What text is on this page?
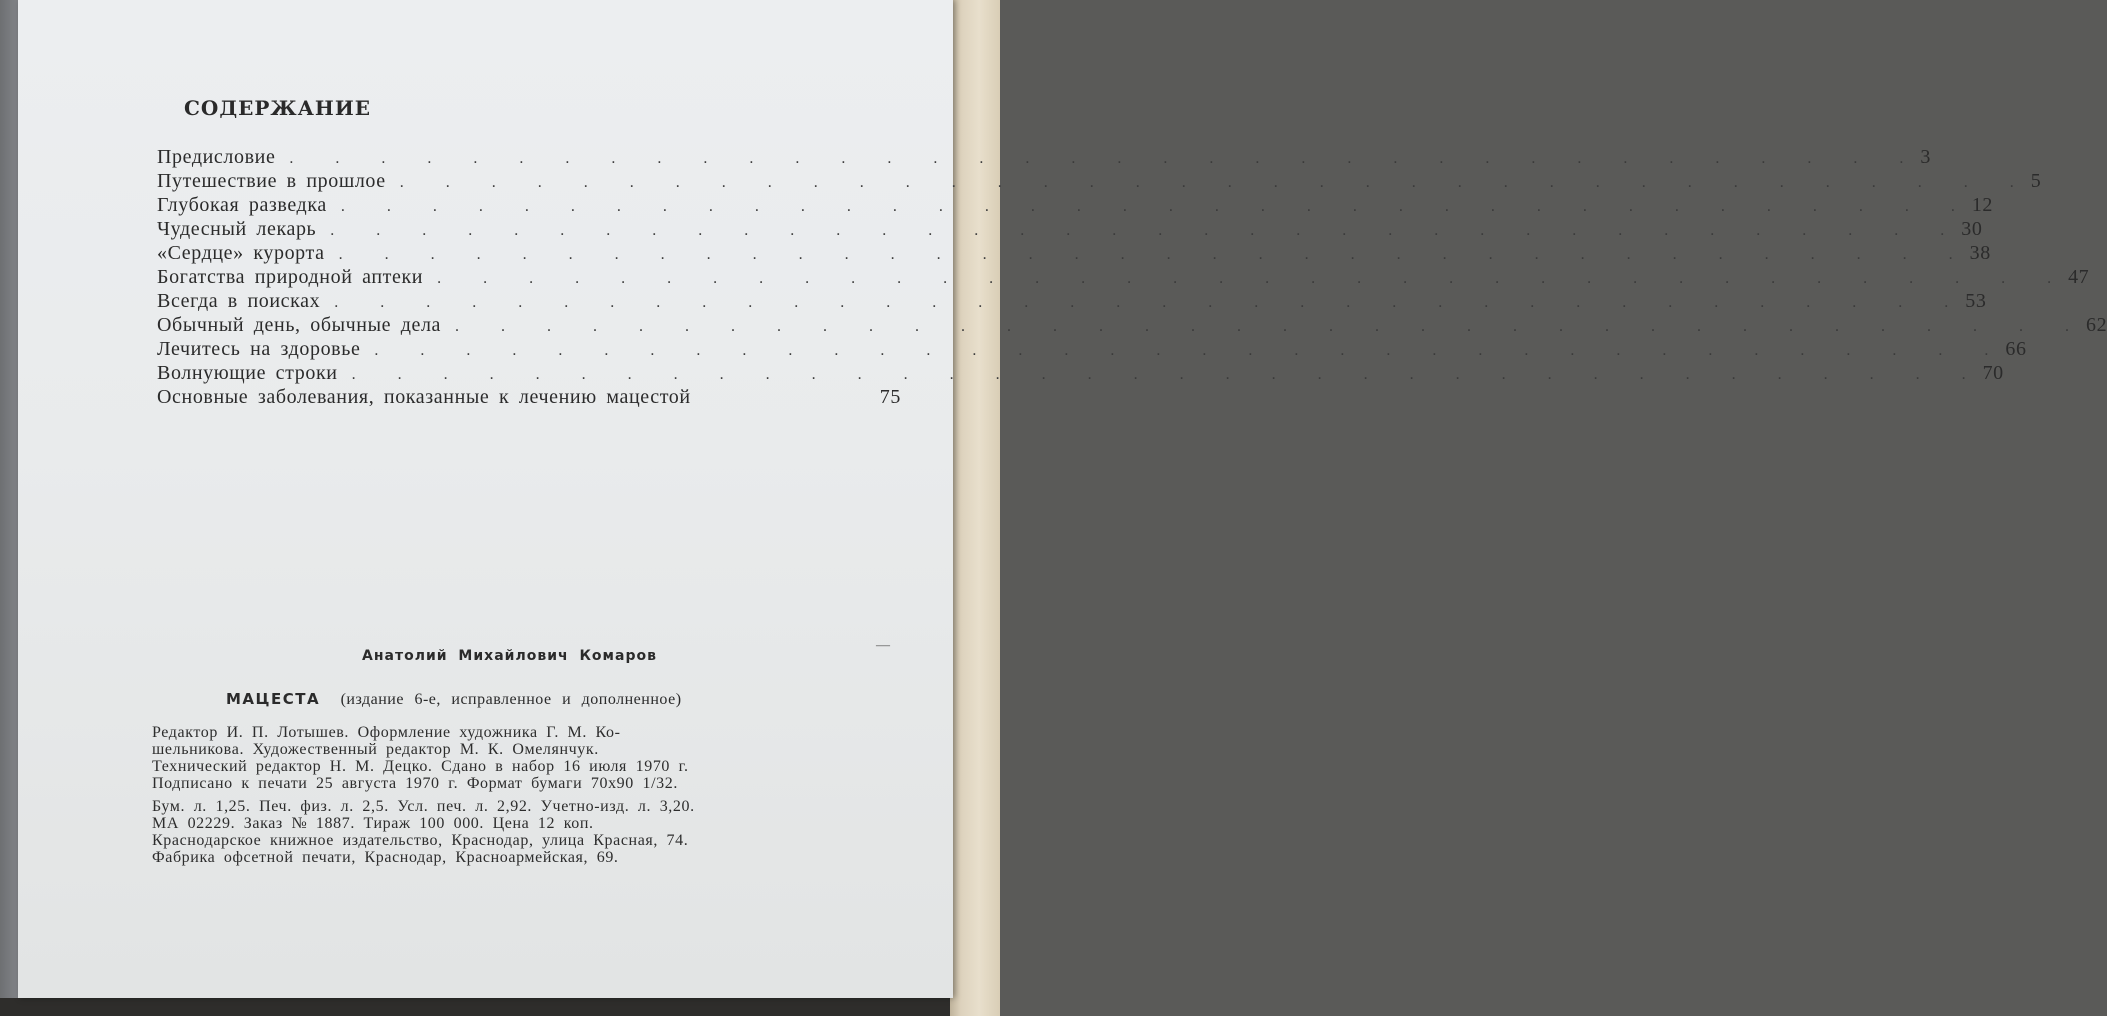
СОДЕРЖАНИЕ
Предисловие . . . . . . . . . . . . . . . . . . . . . . . . . . . . . . . . . . . . 3
Путешествие в прошлое . . . . . . . . . . . . . . . . . . . . . . . . . . . . . . . . . . . . 5
Глубокая разведка . . . . . . . . . . . . . . . . . . . . . . . . . . . . . . . . . . . . 12
Чудесный лекарь . . . . . . . . . . . . . . . . . . . . . . . . . . . . . . . . . . . . 30
«Сердце» курорта . . . . . . . . . . . . . . . . . . . . . . . . . . . . . . . . . . . . 38
Богатства природной аптеки . . . . . . . . . . . . . . . . . . . . . . . . . . . . . . . . . . . . 47
Всегда в поисках . . . . . . . . . . . . . . . . . . . . . . . . . . . . . . . . . . . . 53
Обычный день, обычные дела . . . . . . . . . . . . . . . . . . . . . . . . . . . . . . . . . . . . 62
Лечитесь на здоровье . . . . . . . . . . . . . . . . . . . . . . . . . . . . . . . . . . . . 66
Волнующие строки . . . . . . . . . . . . . . . . . . . . . . . . . . . . . . . . . . . . 70
Основные заболевания, показанные к лечению мацестой	75
—
Анатолий Михайлович Комаров
МАЦЕСТА (издание 6-е, исправленное и дополненное)
Редактор И. П. Лотышев. Оформление художника Г. М. Ко-
шельниковa. Художественный редактор М. К. Омелянчук.
Технический редактор Н. М. Децко. Сдано в набор 16 июля 1970 г.
Подписано к печати 25 августа 1970 г. Формат бумаги 70x90 1/32.
Бум. л. 1,25. Печ. физ. л. 2,5. Усл. печ. л. 2,92. Учетно-изд. л. 3,20.
МА 02229. Заказ № 1887. Тираж 100 000. Цена 12 коп.
Краснодарское книжное издательство, Краснодар, улица Красная, 74.
Фабрика офсетной печати, Краснодар, Красноармейская, 69.
